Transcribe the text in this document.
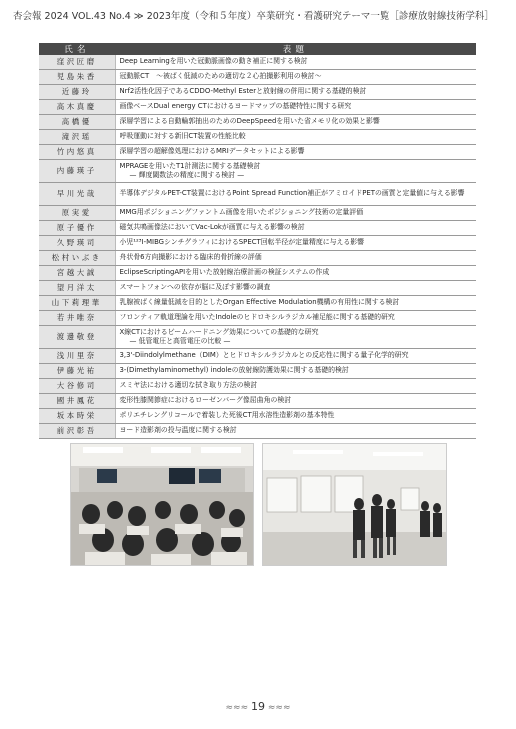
杏会報 2024 VOL.43 No.4 ≫ 2023年度（令和５年度）卒業研究・看護研究テーマ一覧［診療放射線技術学科］
氏名	表題
窪沢匠磨	Deep Learningを用いた冠動脈画像の動き補正に関する検討

児島朱香	冠動脈CT　〜被ばく低減のための適切な２心拍撮影利用の検討〜

近藤玲	Nrf2活性化因子であるCDDO-Methyl Esterと放射線の併用に関する基礎的検討

高木真慶	画像ベースDual energy CTにおけるヨードマップの基礎特性に関する研究

高橋優	深層学習による自動輪郭抽出のためのDeepSpeedを用いた省メモリ化の効果と影響

滝沢瑶	呼吸運動に対する新旧CT装置の性能比較

竹内悠真	深層学習の超解像処理におけるMRIデータセットによる影響

内藤瑛子	MPRAGEを用いたT1計測法に関する基礎検討
— 輝度閾数法の精度に関する検討 —

早川光哉	半導体デジタルPET-CT装置におけるPoint Spread Function補正がアミロイドPETの画質と定量値に与える影響

原実愛	MMG用ポジショニングファントム画像を用いたポジショニング技術の定量評価

原子優作	磁気共鳴画像法においてVac-Lokが画質に与える影響の検討

久野瑛司	小児¹²³I-MIBGシンチグラフィにおけるSPECT回転半径が定量精度に与える影響

松村いぶき	舟状骨6方向撮影における臨床的骨折線の評価

宮越大誠	EclipseScriptingAPIを用いた放射線治療計画の検証システムの作成

望月洋太	スマートフォンへの依存が脳に及ぼす影響の調査

山下莉理華	乳腺被ばく線量低減を目的としたOrgan Effective Modulation機構の有用性に関する検討

若井唯奈	フロンティア軌道理論を用いたIndoleのヒドロキシルラジカル補足能に関する基礎的研究

渡邊敬登	X線CTにおけるビームハードニング効果についての基礎的な研究
— 低管電圧と高管電圧の比較 —

浅川里奈	3,3'-Diindolylmethane（DIM）とヒドロキシルラジカルとの反応性に関する量子化学的研究

伊藤光祐	3-(Dimethylaminomethyl) indoleの放射線防護効果に関する基礎的検討

大谷修司	スミヤ法における適切な拭き取り方法の検討

國井鳳花	変形性膝関節症におけるローゼンバーグ像屈曲角の検討

坂本時栄	ポリエチレングリコールで着装した死後CT用水溶性造影剤の基本特性

前沢彰吾	ヨード造影剤の投与温度に関する検討
≈≈≈ 19 ≈≈≈
